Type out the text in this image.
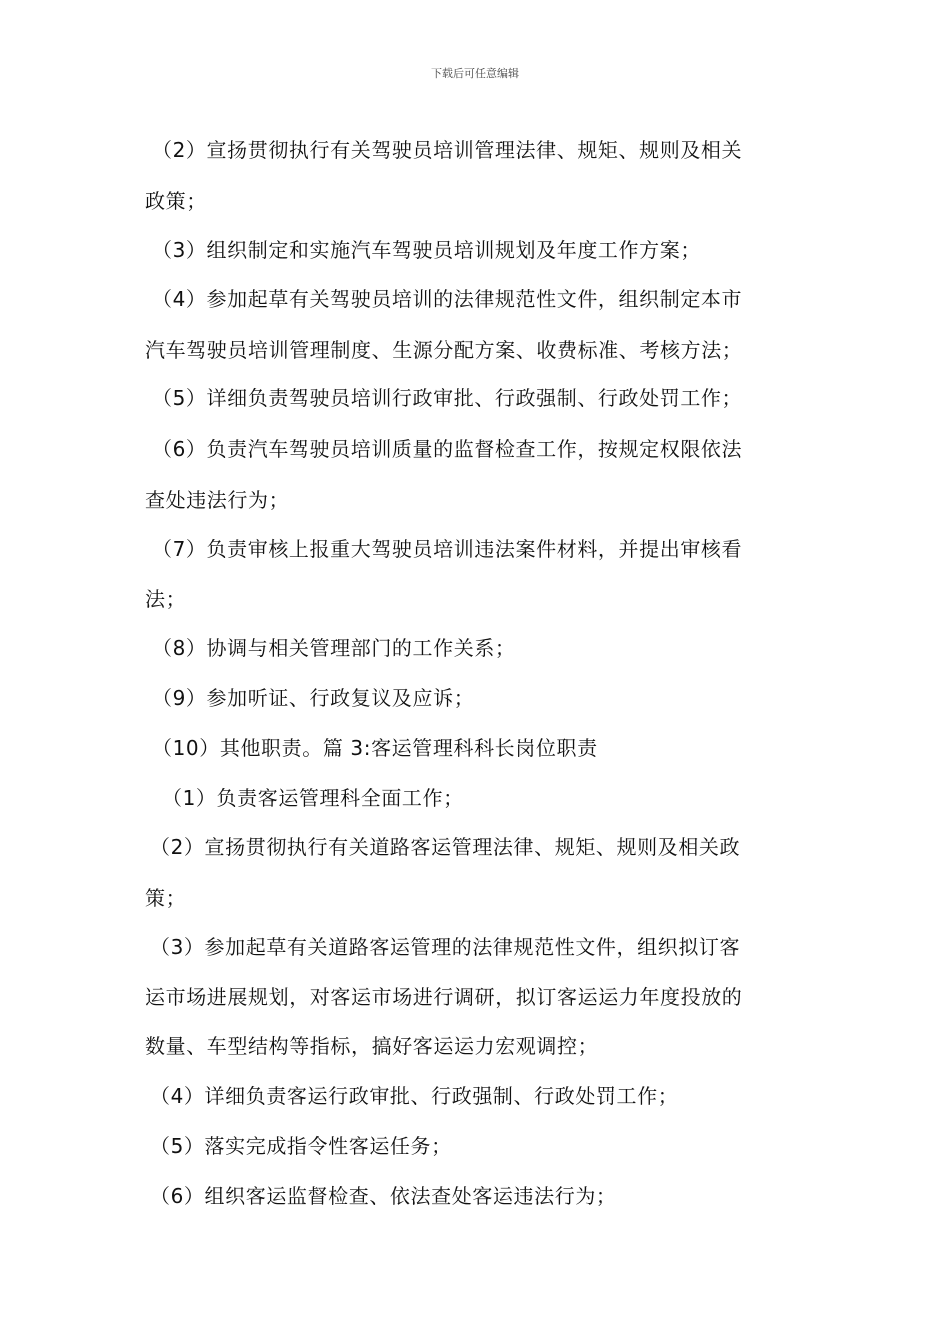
下载后可任意编辑
（2）宣扬贯彻执行有关驾驶员培训管理法律、规矩、规则及相关
政策；
（3）组织制定和实施汽车驾驶员培训规划及年度工作方案；
（4）参加起草有关驾驶员培训的法律规范性文件，组织制定本市
汽车驾驶员培训管理制度、生源分配方案、收费标准、考核方法；
（5）详细负责驾驶员培训行政审批、行政强制、行政处罚工作；
（6）负责汽车驾驶员培训质量的监督检查工作，按规定权限依法
查处违法行为；
（7）负责审核上报重大驾驶员培训违法案件材料，并提出审核看
法；
（8）协调与相关管理部门的工作关系；
（9）参加听证、行政复议及应诉；
（10）其他职责。篇 3:客运管理科科长岗位职责
（1）负责客运管理科全面工作；
（2）宣扬贯彻执行有关道路客运管理法律、规矩、规则及相关政
策；
（3）参加起草有关道路客运管理的法律规范性文件，组织拟订客
运市场进展规划，对客运市场进行调研，拟订客运运力年度投放的
数量、车型结构等指标，搞好客运运力宏观调控；
（4）详细负责客运行政审批、行政强制、行政处罚工作；
（5）落实完成指令性客运任务；
（6）组织客运监督检查、依法查处客运违法行为；
